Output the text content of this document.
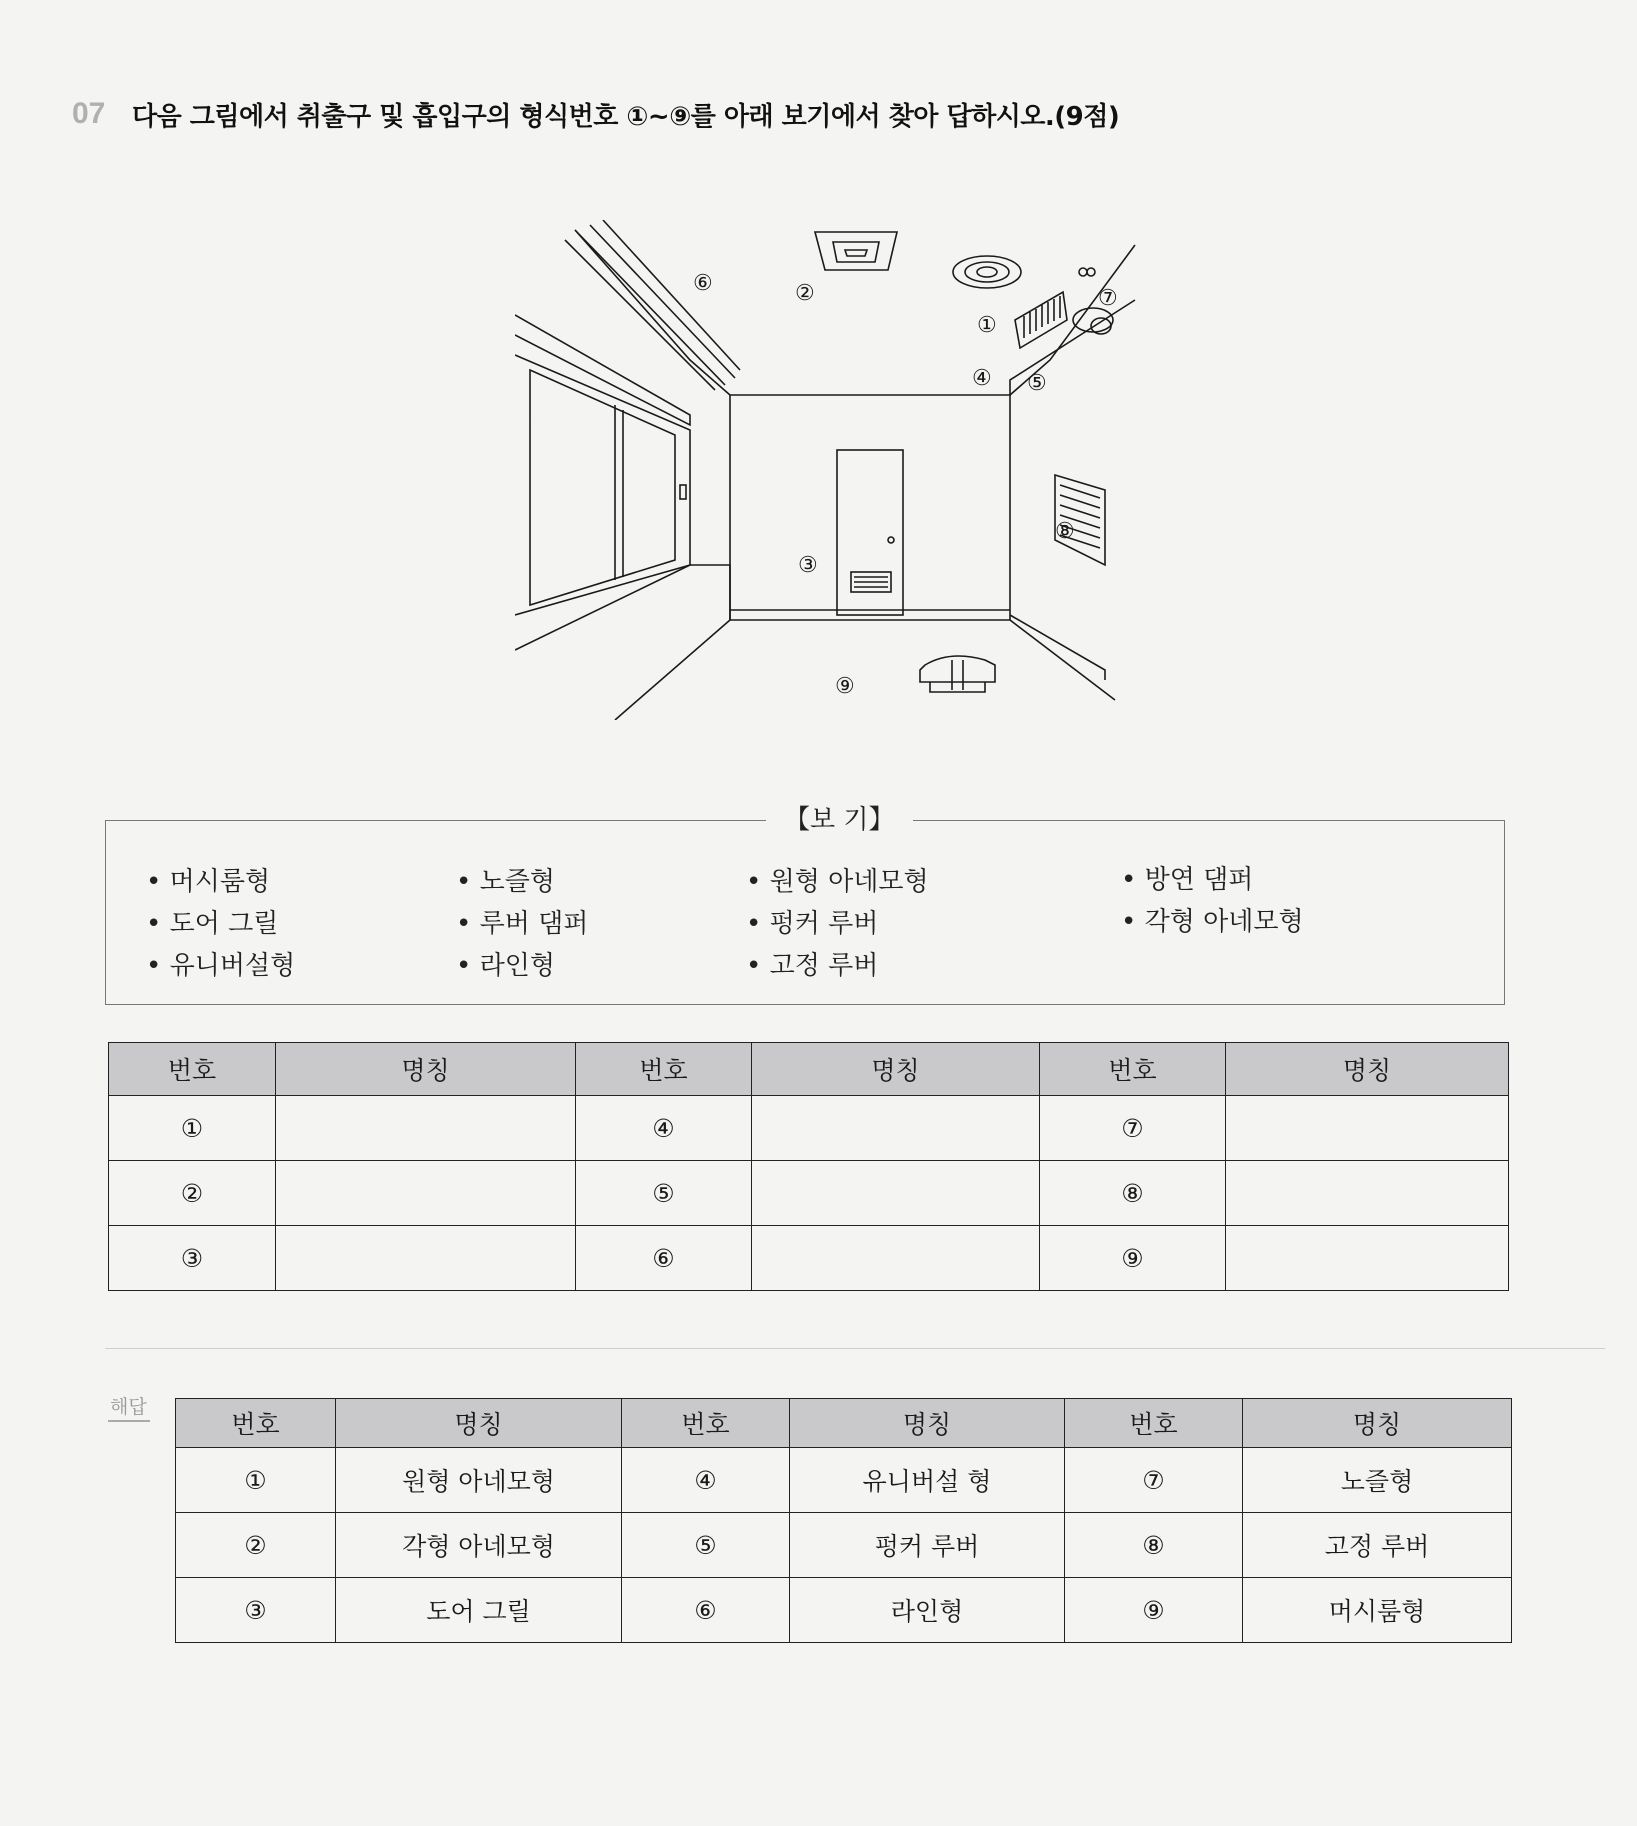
07	다음 그림에서 취출구 및 흡입구의 형식번호 ①~⑨를 아래 보기에서 찾아 답하시오.(9점)
①
②
③
④ ⑤
⑥
⑦
⑧
⑨
【보 기】
• 머시룸형
• 도어 그릴
• 유니버설형
• 노즐형
• 루버 댐퍼
• 라인형
• 원형 아네모형
• 펑커 루버
• 고정 루버
• 방연 댐퍼
• 각형 아네모형
번호	명칭	번호	명칭	번호	명칭
①		④		⑦	
②		⑤		⑧	
③		⑥		⑨	
해답
번호	명칭	번호	명칭	번호	명칭
①	원형 아네모형	④	유니버설 형	⑦	노즐형
②	각형 아네모형	⑤	펑커 루버	⑧	고정 루버
③	도어 그릴	⑥	라인형	⑨	머시룸형
